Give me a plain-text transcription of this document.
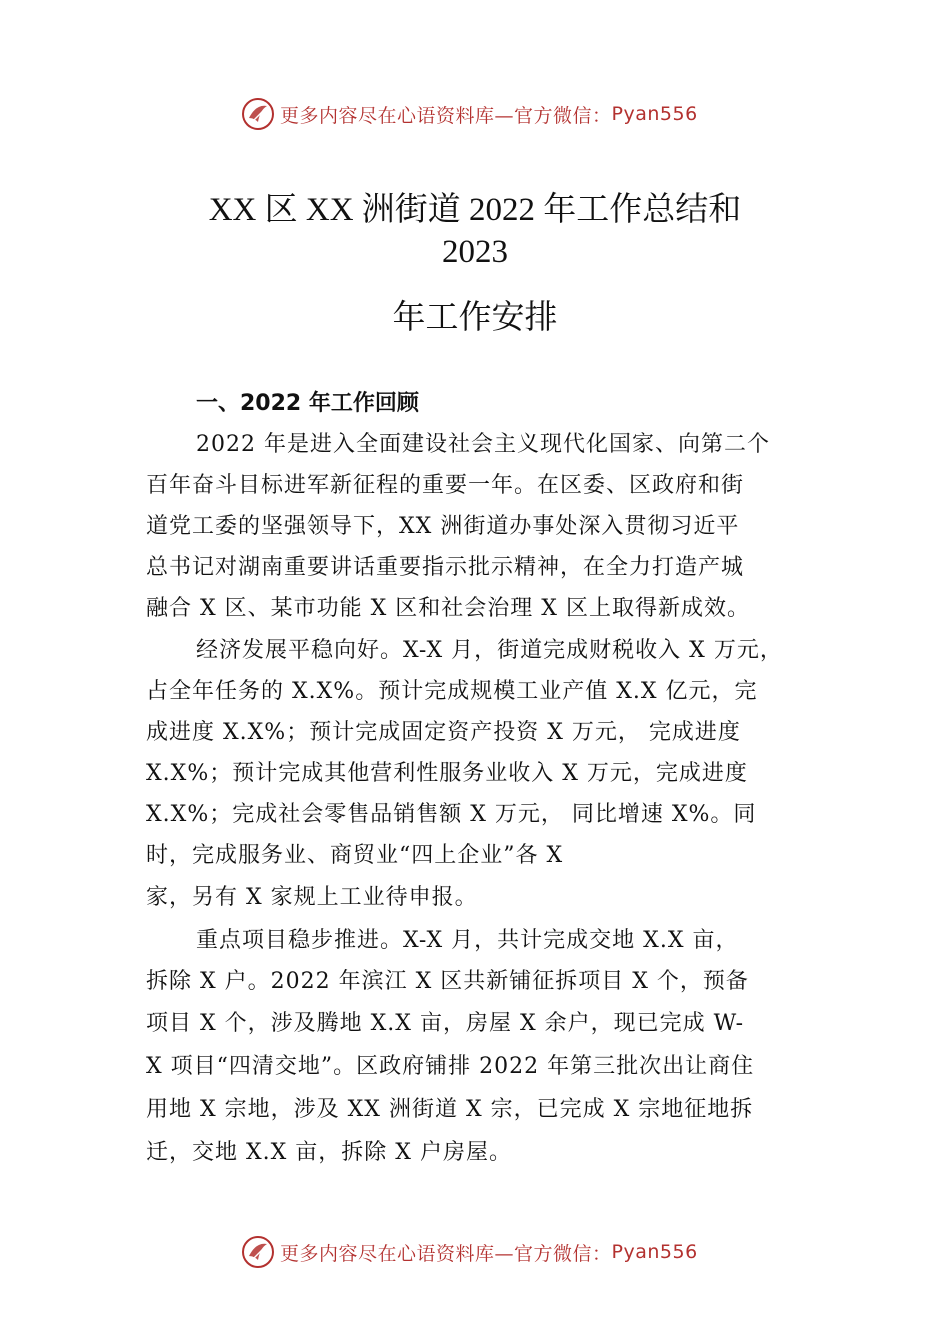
更多内容尽在心语资料库—官方微信： Pyan556
XX 区 XX 洲街道 2022 年工作总结和
2023
年工作安排
一、2022 年工作回顾
2022 年是进入全面建设社会主义现代化国家、向第二个
百年奋斗目标进军新征程的重要一年。在区委、区政府和街
道党工委的坚强领导下，XX 洲街道办事处深入贯彻习近平
总书记对湖南重要讲话重要指示批示精神，在全力打造产城
融合 X 区、某市功能 X 区和社会治理 X 区上取得新成效。
经济发展平稳向好。X-X 月，街道完成财税收入 X 万元，
占全年任务的 X.X%。预计完成规模工业产值 X.X 亿元，完
成进度 X.X%；预计完成固定资产投资 X 万元， 完成进度
X.X%；预计完成其他营利性服务业收入 X 万元，完成进度
X.X%；完成社会零售品销售额 X 万元， 同比增速 X%。同
时，完成服务业、商贸业“四上企业”各 X
家，另有 X 家规上工业待申报。
重点项目稳步推进。X-X 月，共计完成交地 X.X 亩，
拆除 X 户。2022 年滨江 X 区共新铺征拆项目 X 个，预备
项目 X 个，涉及腾地 X.X 亩，房屋 X 余户，现已完成 W-
X 项目“四清交地”。区政府铺排 2022 年第三批次出让商住
用地 X 宗地，涉及 XX 洲街道 X 宗，已完成 X 宗地征地拆
迁，交地 X.X 亩，拆除 X 户房屋。
更多内容尽在心语资料库—官方微信： Pyan556
